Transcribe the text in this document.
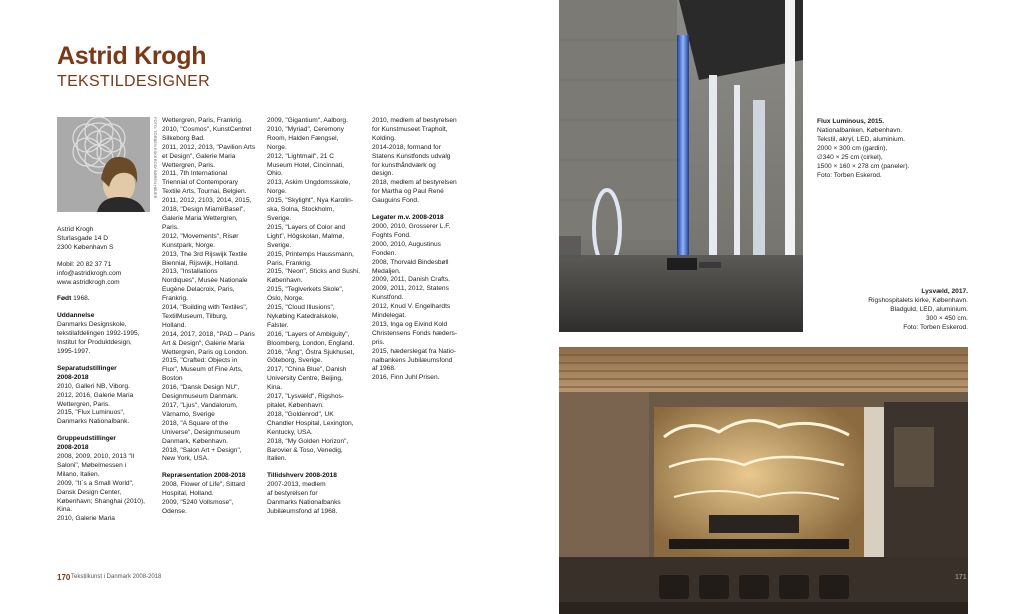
Astrid Krogh
TEKSTILDESIGNER
FOTO: TORBEN ESKEROD/ SØREN HØJER

Astrid Krogh

Sturlasgade 14 D

2300 København S

Mobil: 20 82 37 71

info@astridkrogh.com

www.astridkrogh.com

Født 1968.

Uddannelse

Danmarks Designskole,

tekstilafdelingen 1992-1995,

Institut for Produktdesign,

1995-1997.

Separatudstillinger

2008-2018

2010, Galleri NB, Viborg.

2012, 2016, Galerie Maria

Wettergren, Paris.

2015, "Flux Luminuos",

Danmarks Nationalbank.

Gruppeudstillinger

2008-2018

2008, 2009, 2010, 2013 "Il

Saloni", Møbelmessen i

Milano, Italien.

2009, "It´s a Small World",

Dansk Design Center,

København; Shanghai (2010),

Kina.

2010, Galerie Maria

Wettergren, Paris, Frankrig.

2010, "Cosmos", KunstCentret

Silkeborg Bad.

2011, 2012, 2013, "Pavilion Arts

et Design", Galerie Maria

Wettergren, Paris.

2011, 7th International

Triennial of Contemporary

Textile Arts, Tournai, Belgien.

2011, 2012, 2103, 2014, 2015,

2018, "Design Miami/Basel",

Galerie Maria Wettergren,

Paris.

2012, "Movements", Risør

Kunstpark, Norge.

2013, The 3rd Rijswijk Textile

Biennial, Rijswijk, Holland.

2013, "Installations

Nordiques", Musée Nationale

Eugène Delacroix, Paris,

Frankrig.

2014, "Building with Textiles",

TextilMuseum, Tilburg,

Holland.

2014, 2017, 2018, "PAD – Paris

Art & Design", Galerie Maria

Wettergren, Paris og London.

2015, "Crafted: Objects in

Flux", Museum of Fine Arts,

Boston

2016, "Dansk Design NU",

Designmuseum Danmark.

2017, "Ljus", Vandalorum,

Värnamo, Sverige

2018, "A Square of the

Universe", Designmuseum

Danmark, København.

2018, "Salon Art + Design",

New York, USA.

Repræsentation 2008-2018

2008, Flower of Life", Sittard

Hospital, Holland.

2009, "5240 Vollsmose",

Odense.

2009, "Gigantium", Aalborg.

2010, "Myriad", Ceremony

Room, Halden Fængsel,

Norge.

2012, "Lightmail", 21 C

Museum Hotel, Cincinnati,

Ohio.

2013, Askim Ungdomsskole,

Norge.

2015, "Skylight", Nya Karolin-

ska, Solna, Stockholm,

Sverige.

2015, "Layers of Color and

Light", Högskolan, Malmø,

Sverige.

2015, Printemps Haussmann,

Paris, Frankrig.

2015, "Neon", Sticks and Sushi,

København.

2015, "Teglverkets Skole",

Oslo, Norge.

2015, "Cloud Illusions",

Nykøbing Katedralskole,

Falster.

2016, "Layers of Ambiguity",

Bloomberg, London, England.

2016, "Ång", Östra Sjukhuset,

Göteborg, Sverige.

2017, "China Blue", Danish

University Centre, Beijing,

Kina.

2017, "Lysvæld", Rigshos-

pitalet, København.

2018, "Goldenrod", UK

Chandler Hospital, Lexington,

Kentucky, USA.

2018, "My Golden Horizon",

Barovier & Toso, Venedig,

Italien.

Tillidshverv 2008-2018

2007-2013, medlem

af bestyrelsen for

Danmarks Nationalbanks

Jubilæumsfond af 1968.

2010, medlem af bestyrelsen

for Kunstmuseet Trapholt,

Kolding.

2014-2018, formand for

Statens Kunstfonds udvalg

for kunsthåndværk og

design.

2018, medlem af bestyrelsen

for Martha og Paul René

Gauguins Fond.

Legater m.v. 2008-2018

2000, 2010, Grosserer L.F.

Foghts Fond.

2000, 2010, Augustinus

Fonden.

2008, Thorvald Bindesbøll

Medaljen.

2009, 2011, Danish Crafts.

2009, 2011, 2012, Statens

Kunstfond.

2012, Knud V. Engelhardts

Mindelegat.

2013, Inga og Eivind Kold

Christensens Fonds hæders-

pris.

2015, hæderslegat fra Natio-

nalbankens Jubilæumsfond

af 1968.

2016, Finn Juhl Prisen.

170 Tekstilkunst i Danmark 2008-2018

Flux Luminous, 2015.

Nationalbanken, København.

Tekstil, akryl, LED, aluminium.

2000 × 300 cm (gardin),

∅340 × 25 cm (cirkel),

1500 × 160 × 278 cm (paneler).

Foto: Torben Eskerod.

Lysvæld, 2017.

Rigshospitalets kirke, København.

Bladguld, LED, aluminium.

300 × 450 cm.

Foto: Torben Eskerod.

171
